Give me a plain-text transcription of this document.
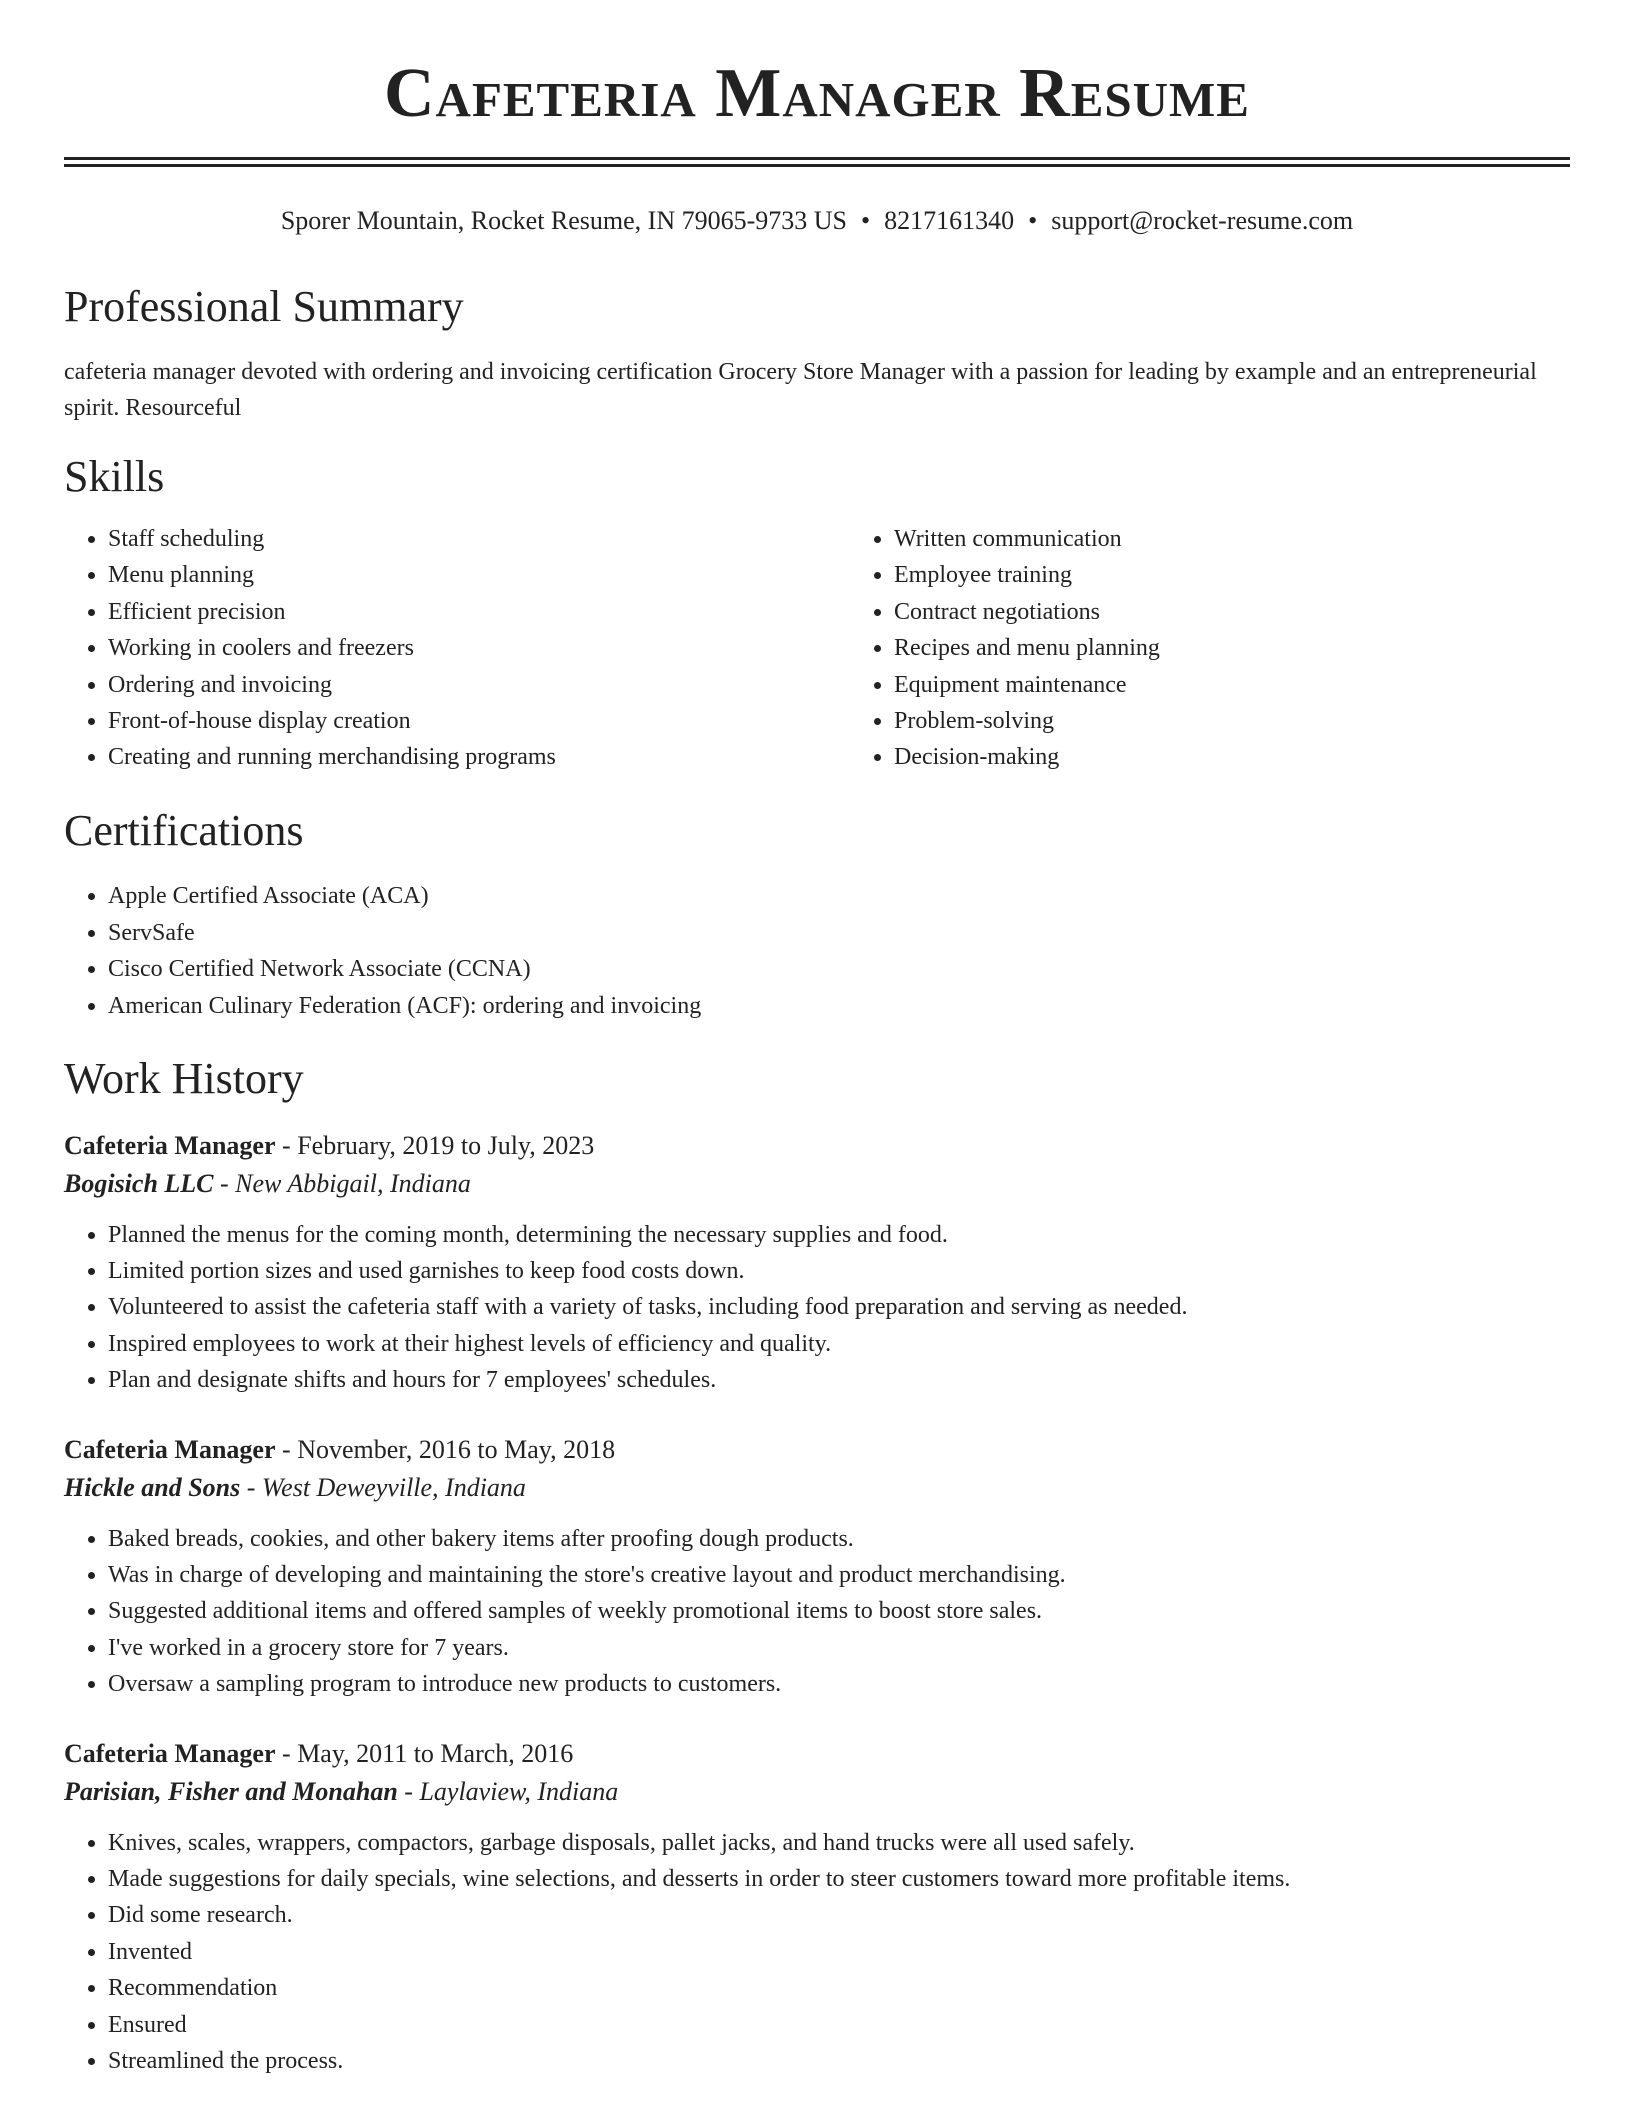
Cafeteria Manager Resume
Sporer Mountain, Rocket Resume, IN 79065-9733 US • 8217161340 • support@rocket-resume.com
Professional Summary

cafeteria manager devoted with ordering and invoicing certification Grocery Store Manager with a passion for leading by example and an entrepreneurial spirit. Resourceful

Skills
• Staff scheduling
• Menu planning
• Efficient precision
• Working in coolers and freezers
• Ordering and invoicing
• Front-of-house display creation
• Creating and running merchandising programs
• Written communication
• Employee training
• Contract negotiations
• Recipes and menu planning
• Equipment maintenance
• Problem-solving
• Decision-making
Certifications
• Apple Certified Associate (ACA)
• ServSafe
• Cisco Certified Network Associate (CCNA)
• American Culinary Federation (ACF): ordering and invoicing
Work History
Cafeteria Manager - February, 2019 to July, 2023
Bogisich LLC - New Abbigail, Indiana
• Planned the menus for the coming month, determining the necessary supplies and food.
• Limited portion sizes and used garnishes to keep food costs down.
• Volunteered to assist the cafeteria staff with a variety of tasks, including food preparation and serving as needed.
• Inspired employees to work at their highest levels of efficiency and quality.
• Plan and designate shifts and hours for 7 employees' schedules.
Cafeteria Manager - November, 2016 to May, 2018
Hickle and Sons - West Deweyville, Indiana
• Baked breads, cookies, and other bakery items after proofing dough products.
• Was in charge of developing and maintaining the store's creative layout and product merchandising.
• Suggested additional items and offered samples of weekly promotional items to boost store sales.
• I've worked in a grocery store for 7 years.
• Oversaw a sampling program to introduce new products to customers.
Cafeteria Manager - May, 2011 to March, 2016
Parisian, Fisher and Monahan - Laylaview, Indiana
• Knives, scales, wrappers, compactors, garbage disposals, pallet jacks, and hand trucks were all used safely.
• Made suggestions for daily specials, wine selections, and desserts in order to steer customers toward more profitable items.
• Did some research.
• Invented
• Recommendation
• Ensured
• Streamlined the process.
